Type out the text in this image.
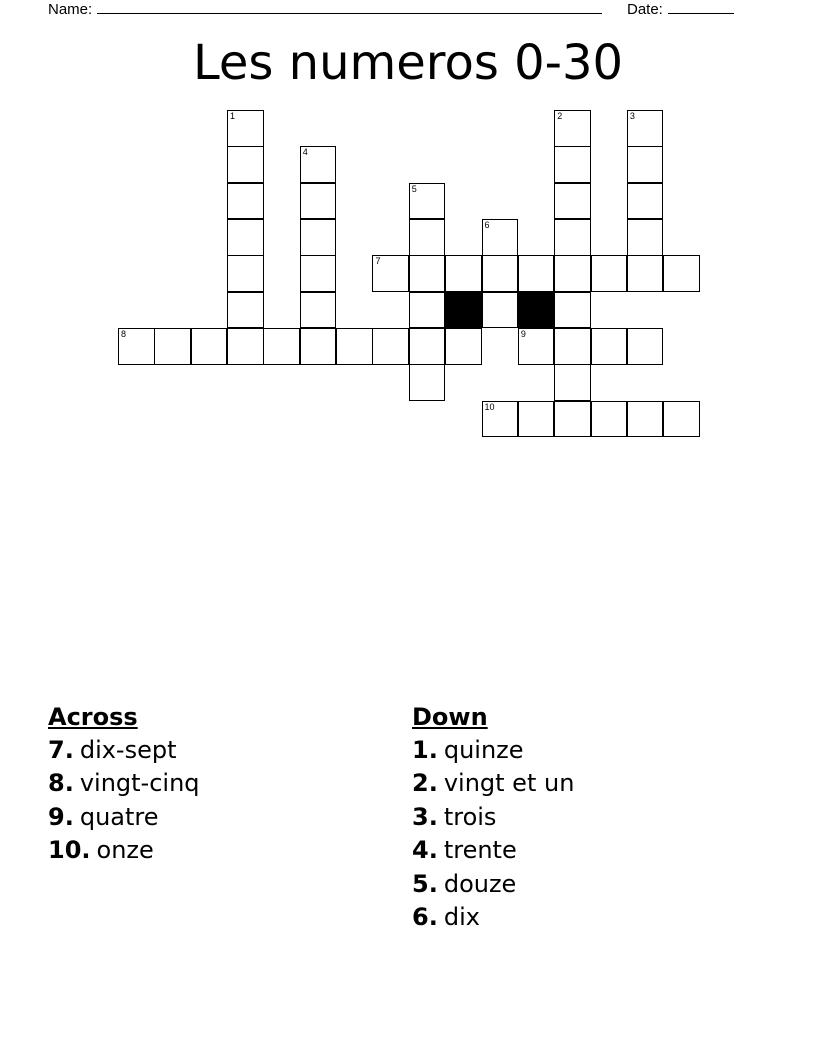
Name:	Date:
Les numeros 0-30
1	2	3
4
5
6
7
8	9
10
Across
7. dix-sept
8. vingt-cinq
9. quatre
10. onze
Down
1. quinze
2. vingt et un
3. trois
4. trente
5. douze
6. dix
